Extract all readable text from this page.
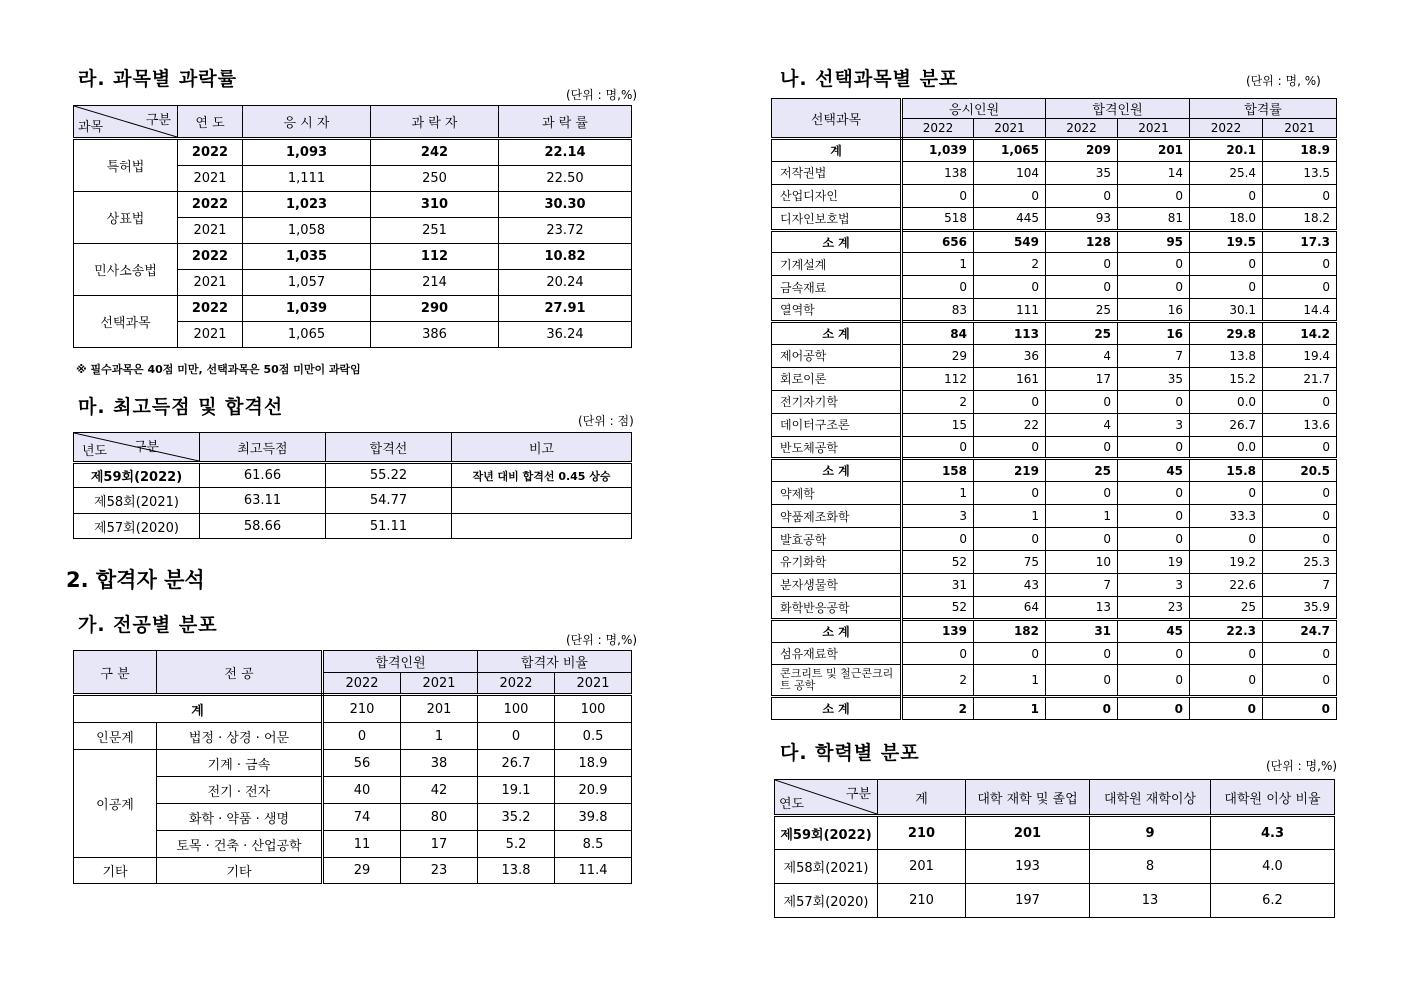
라. 과목별 과락률
(단위 : 명,%)
구분
과목	연 도	응 시 자	과 락 자	과 락 률
특허법	2022	1,093	242	22.14
	2021	1,111	250	22.50
상표법	2022	1,023	310	30.30
	2021	1,058	251	23.72
민사소송법	2022	1,035	112	10.82
	2021	1,057	214	20.24
선택과목	2022	1,039	290	27.91
	2021	1,065	386	36.24
※ 필수과목은 40점 미만, 선택과목은 50점 미만이 과락임
마. 최고득점 및 합격선
(단위 : 점)
구분
년도	최고득점	합격선	비고
제59회(2022)	61.66	55.22	작년 대비 합격선 0.45 상승
제58회(2021)	63.11	54.77	
제57회(2020)	58.66	51.11	
2. 합격자 분석
가. 전공별 분포
(단위 : 명,%)
구 분	전 공	합격인원		합격자 비율	
		2022	2021	2022	2021
계		210	201	100	100
인문계	법정 · 상경 · 어문	0	1	0	0.5
이공계	기계 · 금속	56	38	26.7	18.9
	전기 · 전자	40	42	19.1	20.9
	화학 · 약품 · 생명	74	80	35.2	39.8
	토목 · 건축 · 산업공학	11	17	5.2	8.5
기타	기타	29	23	13.8	11.4
나. 선택과목별 분포	(단위 : 명, %)
선택과목	응시인원		합격인원		합격률	
	2022	2021	2022	2021	2022	2021
계	1,039	1,065	209	201	20.1	18.9
저작권법	138	104	35	14	25.4	13.5
산업디자인	0	0	0	0	0	0
디자인보호법	518	445	93	81	18.0	18.2
소 계	656	549	128	95	19.5	17.3
기계설계	1	2	0	0	0	0
금속재료	0	0	0	0	0	0
열역학	83	111	25	16	30.1	14.4
소 계	84	113	25	16	29.8	14.2
제어공학	29	36	4	7	13.8	19.4
회로이론	112	161	17	35	15.2	21.7
전기자기학	2	0	0	0	0.0	0
데이터구조론	15	22	4	3	26.7	13.6
반도체공학	0	0	0	0	0.0	0
소 계	158	219	25	45	15.8	20.5
약제학	1	0	0	0	0	0
약품제조화학	3	1	1	0	33.3	0
발효공학	0	0	0	0	0	0
유기화학	52	75	10	19	19.2	25.3
분자생물학	31	43	7	3	22.6	7
화학반응공학	52	64	13	23	25	35.9
소 계	139	182	31	45	22.3	24.7
섬유재료학	0	0	0	0	0	0
콘크리트 및 철근콘크리트 공학	2	1	0	0	0	0
소 계	2	1	0	0	0	0
다. 학력별 분포
(단위 : 명,%)
구분
연도	계	대학 재학 및 졸업	대학원 재학이상	대학원 이상 비율
제59회(2022)	210	201	9	4.3
제58회(2021)	201	193	8	4.0
제57회(2020)	210	197	13	6.2
